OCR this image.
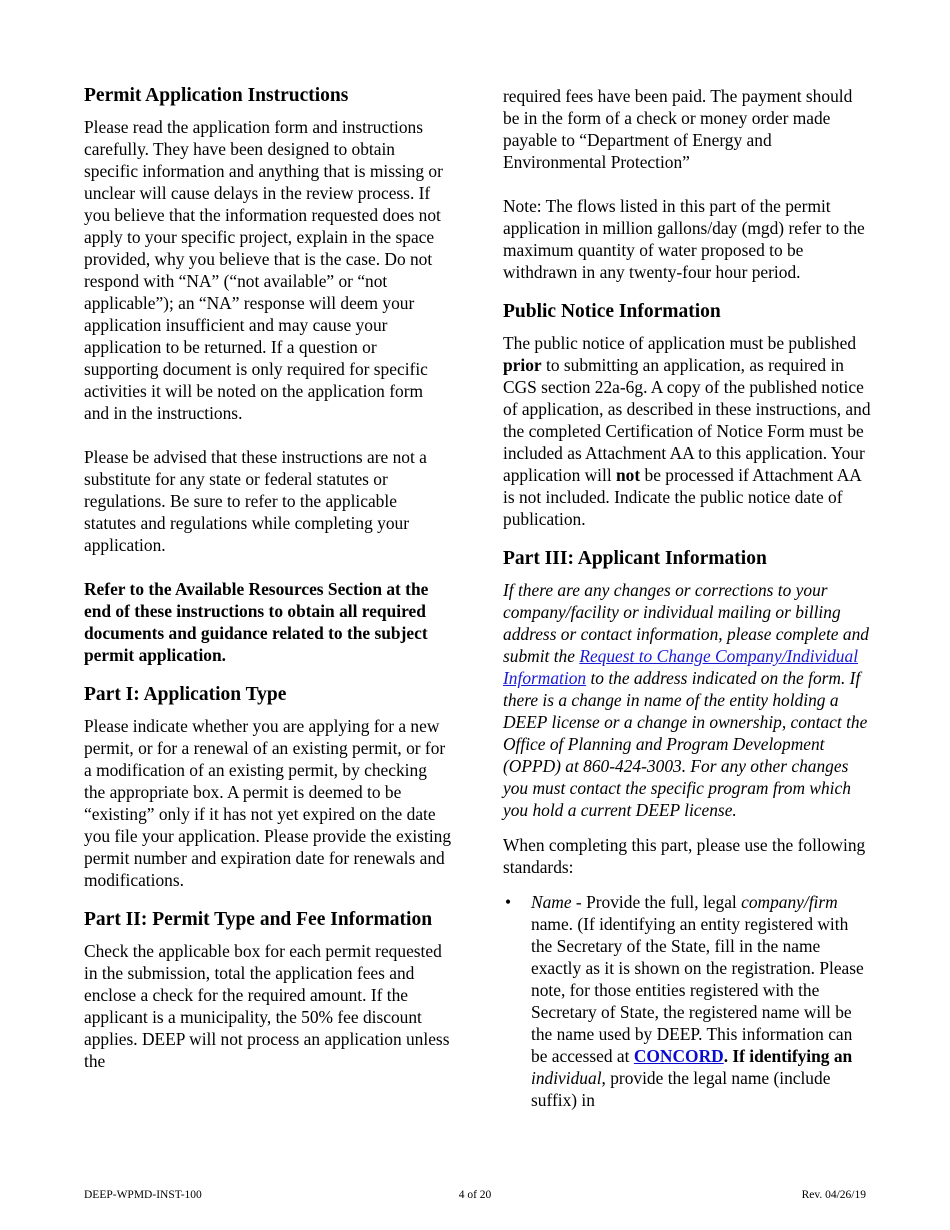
Permit Application Instructions
Please read the application form and instructions carefully. They have been designed to obtain specific information and anything that is missing or unclear will cause delays in the review process. If you believe that the information requested does not apply to your specific project, explain in the space provided, why you believe that is the case. Do not respond with “NA” (“not available” or “not applicable”); an “NA” response will deem your application insufficient and may cause your application to be returned. If a question or supporting document is only required for specific activities it will be noted on the application form and in the instructions.
Please be advised that these instructions are not a substitute for any state or federal statutes or regulations. Be sure to refer to the applicable statutes and regulations while completing your application.
Refer to the Available Resources Section at the end of these instructions to obtain all required documents and guidance related to the subject permit application.
Part I: Application Type
Please indicate whether you are applying for a new permit, or for a renewal of an existing permit, or for a modification of an existing permit, by checking the appropriate box. A permit is deemed to be “existing” only if it has not yet expired on the date you file your application. Please provide the existing permit number and expiration date for renewals and modifications.
Part II: Permit Type and Fee Information
Check the applicable box for each permit requested in the submission, total the application fees and enclose a check for the required amount. If the applicant is a municipality, the 50% fee discount applies. DEEP will not process an application unless the
required fees have been paid. The payment should be in the form of a check or money order made payable to “Department of Energy and Environmental Protection”
Note: The flows listed in this part of the permit application in million gallons/day (mgd) refer to the maximum quantity of water proposed to be withdrawn in any twenty-four hour period.
Public Notice Information
The public notice of application must be published prior to submitting an application, as required in CGS section 22a-6g. A copy of the published notice of application, as described in these instructions, and the completed Certification of Notice Form must be included as Attachment AA to this application. Your application will not be processed if Attachment AA is not included. Indicate the public notice date of publication.
Part III: Applicant Information
If there are any changes or corrections to your company/facility or individual mailing or billing address or contact information, please complete and submit the Request to Change Company/Individual Information to the address indicated on the form. If there is a change in name of the entity holding a DEEP license or a change in ownership, contact the Office of Planning and Program Development (OPPD) at 860-424-3003. For any other changes you must contact the specific program from which you hold a current DEEP license.
When completing this part, please use the following standards:
• Name - Provide the full, legal company/firm name. (If identifying an entity registered with the Secretary of the State, fill in the name exactly as it is shown on the registration. Please note, for those entities registered with the Secretary of State, the registered name will be the name used by DEEP. This information can be accessed at CONCORD. If identifying an individual, provide the legal name (include suffix) in
DEEP-WPMD-INST-100	4 of 20	Rev. 04/26/19
